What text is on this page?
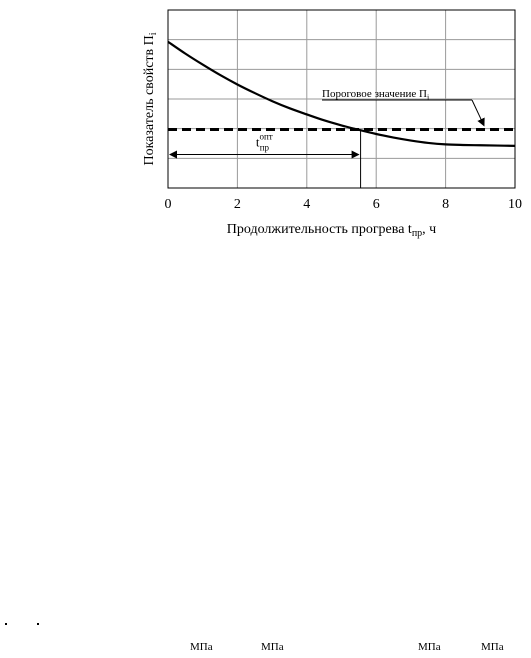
0	2	4	6	8	10
$t^{опт}$ пр
Пороговое значение $П_i$
Показатель свойств $П_i$
Продолжительность прогрева $t_{пр}$, ч
МПа	МПа	МПа	МПа
